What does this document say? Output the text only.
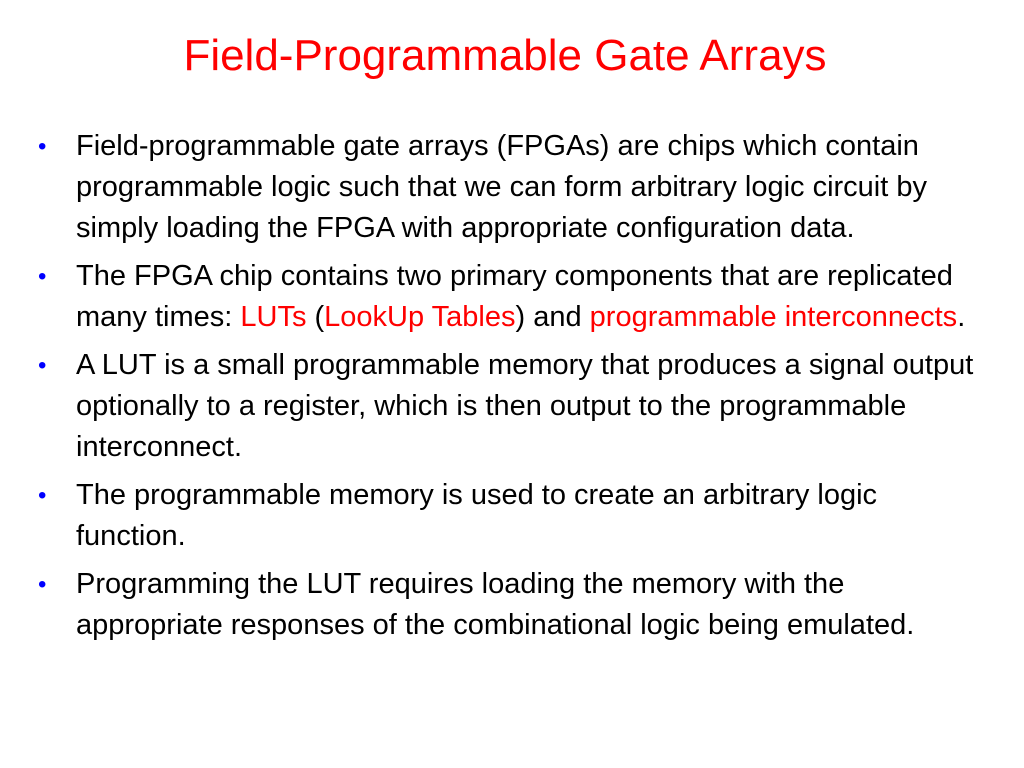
Field-Programmable Gate Arrays
• Field-programmable gate arrays (FPGAs) are chips which contain programmable logic such that we can form arbitrary logic circuit by simply loading the FPGA with appropriate configuration data.
• The FPGA chip contains two primary components that are replicated many times: LUTs (LookUp Tables) and programmable interconnects.
• A LUT is a small programmable memory that produces a signal output optionally to a register, which is then output to the programmable interconnect.
• The programmable memory is used to create an arbitrary logic function.
• Programming the LUT requires loading the memory with the appropriate responses of the combinational logic being emulated.
